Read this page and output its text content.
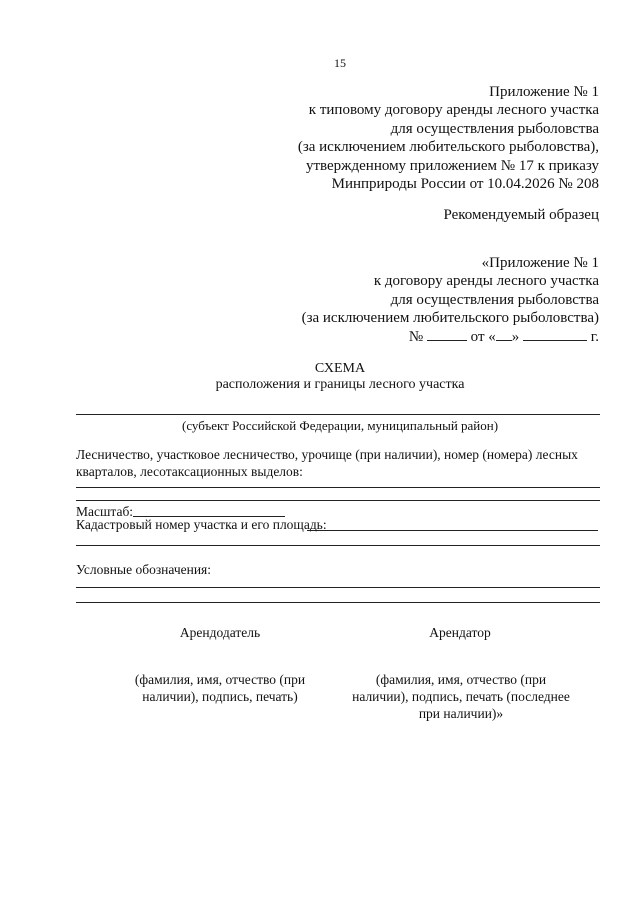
15
Приложение № 1
к типовому договору аренды лесного участка
для осуществления рыболовства
(за исключением любительского рыболовства),
утвержденному приложением № 17 к приказу
Минприроды России от 10.04.2026 № 208
Рекомендуемый образец
«Приложение № 1
к договору аренды лесного участка
для осуществления рыболовства
(за исключением любительского рыболовства)
№	от « »	г.
СХЕМА
расположения и границы лесного участка
(субъект Российской Федерации, муниципальный район)
Лесничество, участковое лесничество, урочище (при наличии), номер (номера) лесных кварталов, лесотаксационных выделов:
Масштаб:
Кадастровый номер участка и его площадь:
Условные обозначения:
Арендодатель	Арендатор
(фамилия, имя, отчество (при наличии), подпись, печать)
(фамилия, имя, отчество (при наличии), подпись, печать (последнее при наличии)»
